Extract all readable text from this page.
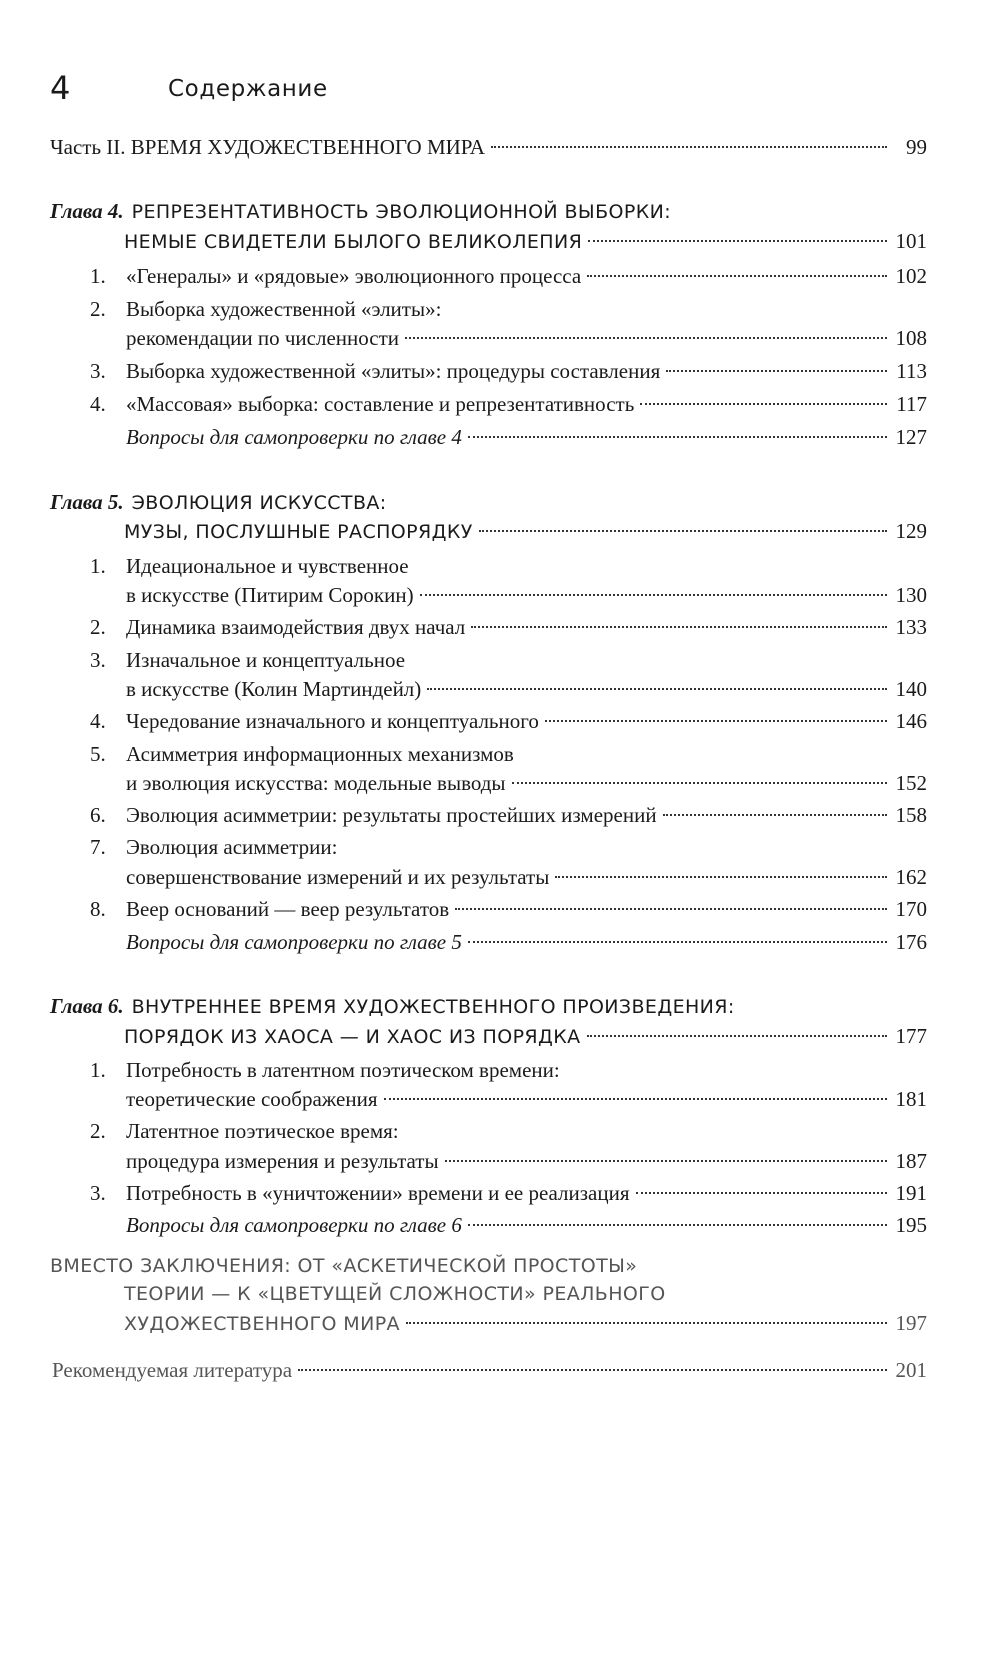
4	Содержание
Часть II. ВРЕМЯ ХУДОЖЕСТВЕННОГО МИРА	99
Глава 4. РЕПРЕЗЕНТАТИВНОСТЬ ЭВОЛЮЦИОННОЙ ВЫБОРКИ:
НЕМЫЕ СВИДЕТЕЛИ БЫЛОГО ВЕЛИКОЛЕПИЯ	101
1. «Генералы» и «рядовые» эволюционного процесса	102
2. Выборка художественной «элиты»:
рекомендации по численности	108
3. Выборка художественной «элиты»: процедуры составления	113
4. «Массовая» выборка: составление и репрезентативность	117
Вопросы для самопроверки по главе 4	127
Глава 5. ЭВОЛЮЦИЯ ИСКУССТВА:
МУЗЫ, ПОСЛУШНЫЕ РАСПОРЯДКУ	129
1. Идеациональное и чувственное
в искусстве (Питирим Сорокин)	130
2. Динамика взаимодействия двух начал	133
3. Изначальное и концептуальное
в искусстве (Колин Мартиндейл)	140
4. Чередование изначального и концептуального	146
5. Асимметрия информационных механизмов
и эволюция искусства: модельные выводы	152
6. Эволюция асимметрии: результаты простейших измерений	158
7. Эволюция асимметрии:
совершенствование измерений и их результаты	162
8. Веер оснований — веер результатов	170
Вопросы для самопроверки по главе 5	176
Глава 6. ВНУТРЕННЕЕ ВРЕМЯ ХУДОЖЕСТВЕННОГО ПРОИЗВЕДЕНИЯ:
ПОРЯДОК ИЗ ХАОСА — И ХАОС ИЗ ПОРЯДКА	177
1. Потребность в латентном поэтическом времени:
теоретические соображения	181
2. Латентное поэтическое время:
процедура измерения и результаты	187
3. Потребность в «уничтожении» времени и ее реализация	191
Вопросы для самопроверки по главе 6	195
ВМЕСТО ЗАКЛЮЧЕНИЯ: ОТ «АСКЕТИЧЕСКОЙ ПРОСТОТЫ»
ТЕОРИИ — К «ЦВЕТУЩЕЙ СЛОЖНОСТИ» РЕАЛЬНОГО
ХУДОЖЕСТВЕННОГО МИРА	197
Рекомендуемая литература	201
